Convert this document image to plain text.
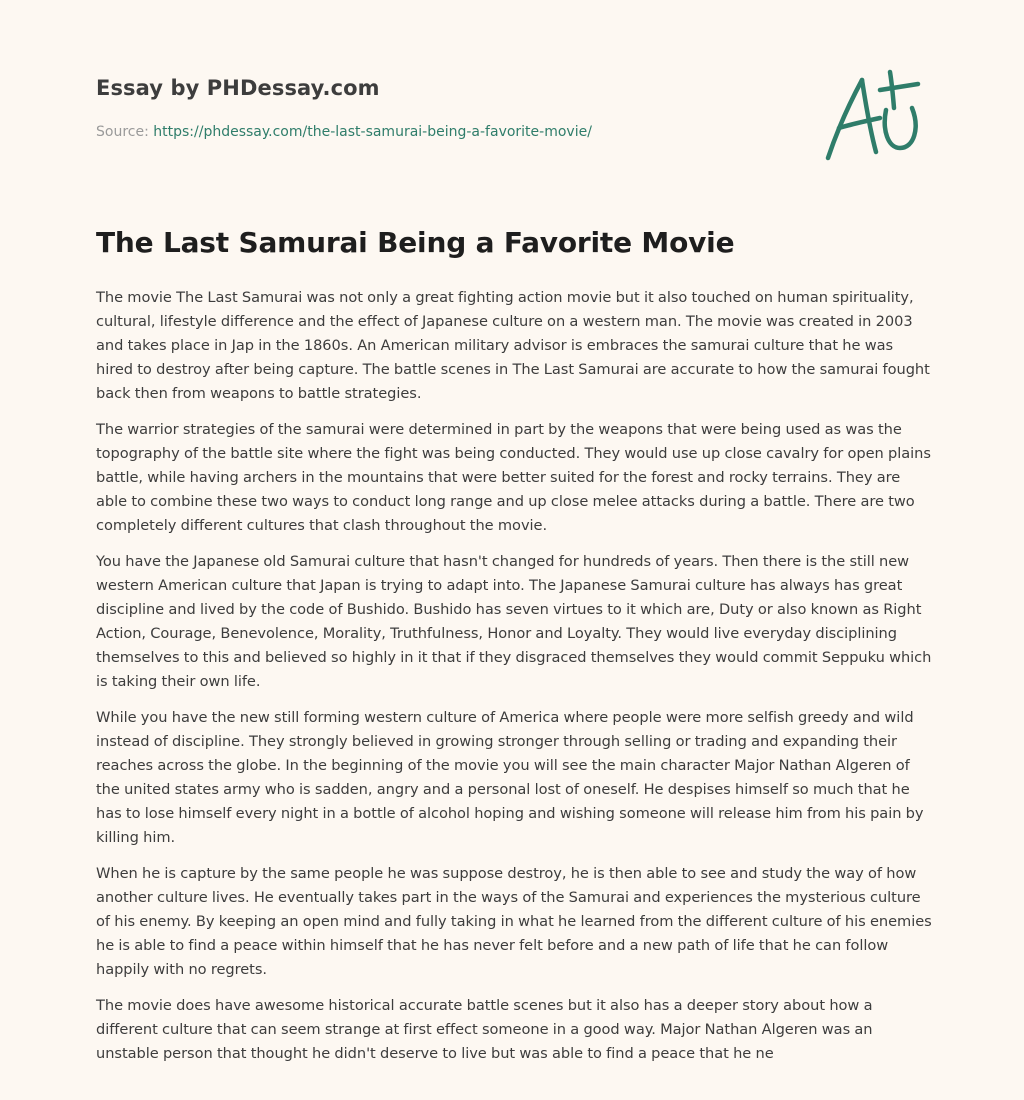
Essay by PHDessay.com
Source: https://phdessay.com/the-last-samurai-being-a-favorite-movie/
The Last Samurai Being a Favorite Movie

The movie The Last Samurai was not only a great fighting action movie but it also touched on human spirituality, cultural, lifestyle difference and the effect of Japanese culture on a western man. The movie was created in 2003 and takes place in Jap in the 1860s. An American military advisor is embraces the samurai culture that he was hired to destroy after being capture. The battle scenes in The Last Samurai are accurate to how the samurai fought back then from weapons to battle strategies.

The warrior strategies of the samurai were determined in part by the weapons that were being used as was the topography of the battle site where the fight was being conducted. They would use up close cavalry for open plains battle, while having archers in the mountains that were better suited for the forest and rocky terrains. They are able to combine these two ways to conduct long range and up close melee attacks during a battle. There are two completely different cultures that clash throughout the movie.

You have the Japanese old Samurai culture that hasn't changed for hundreds of years. Then there is the still new western American culture that Japan is trying to adapt into. The Japanese Samurai culture has always has great discipline and lived by the code of Bushido. Bushido has seven virtues to it which are, Duty or also known as Right Action, Courage, Benevolence, Morality, Truthfulness, Honor and Loyalty. They would live everyday disciplining themselves to this and believed so highly in it that if they disgraced themselves they would commit Seppuku which is taking their own life.

While you have the new still forming western culture of America where people were more selfish greedy and wild instead of discipline. They strongly believed in growing stronger through selling or trading and expanding their reaches across the globe. In the beginning of the movie you will see the main character Major Nathan Algeren of the united states army who is sadden, angry and a personal lost of oneself. He despises himself so much that he has to lose himself every night in a bottle of alcohol hoping and wishing someone will release him from his pain by killing him.

When he is capture by the same people he was suppose destroy, he is then able to see and study the way of how another culture lives. He eventually takes part in the ways of the Samurai and experiences the mysterious culture of his enemy. By keeping an open mind and fully taking in what he learned from the different culture of his enemies he is able to find a peace within himself that he has never felt before and a new path of life that he can follow happily with no regrets.

The movie does have awesome historical accurate battle scenes but it also has a deeper story about how a different culture that can seem strange at first effect someone in a good way. Major Nathan Algeren was an unstable person that thought he didn't deserve to live but was able to find a peace that he ne
